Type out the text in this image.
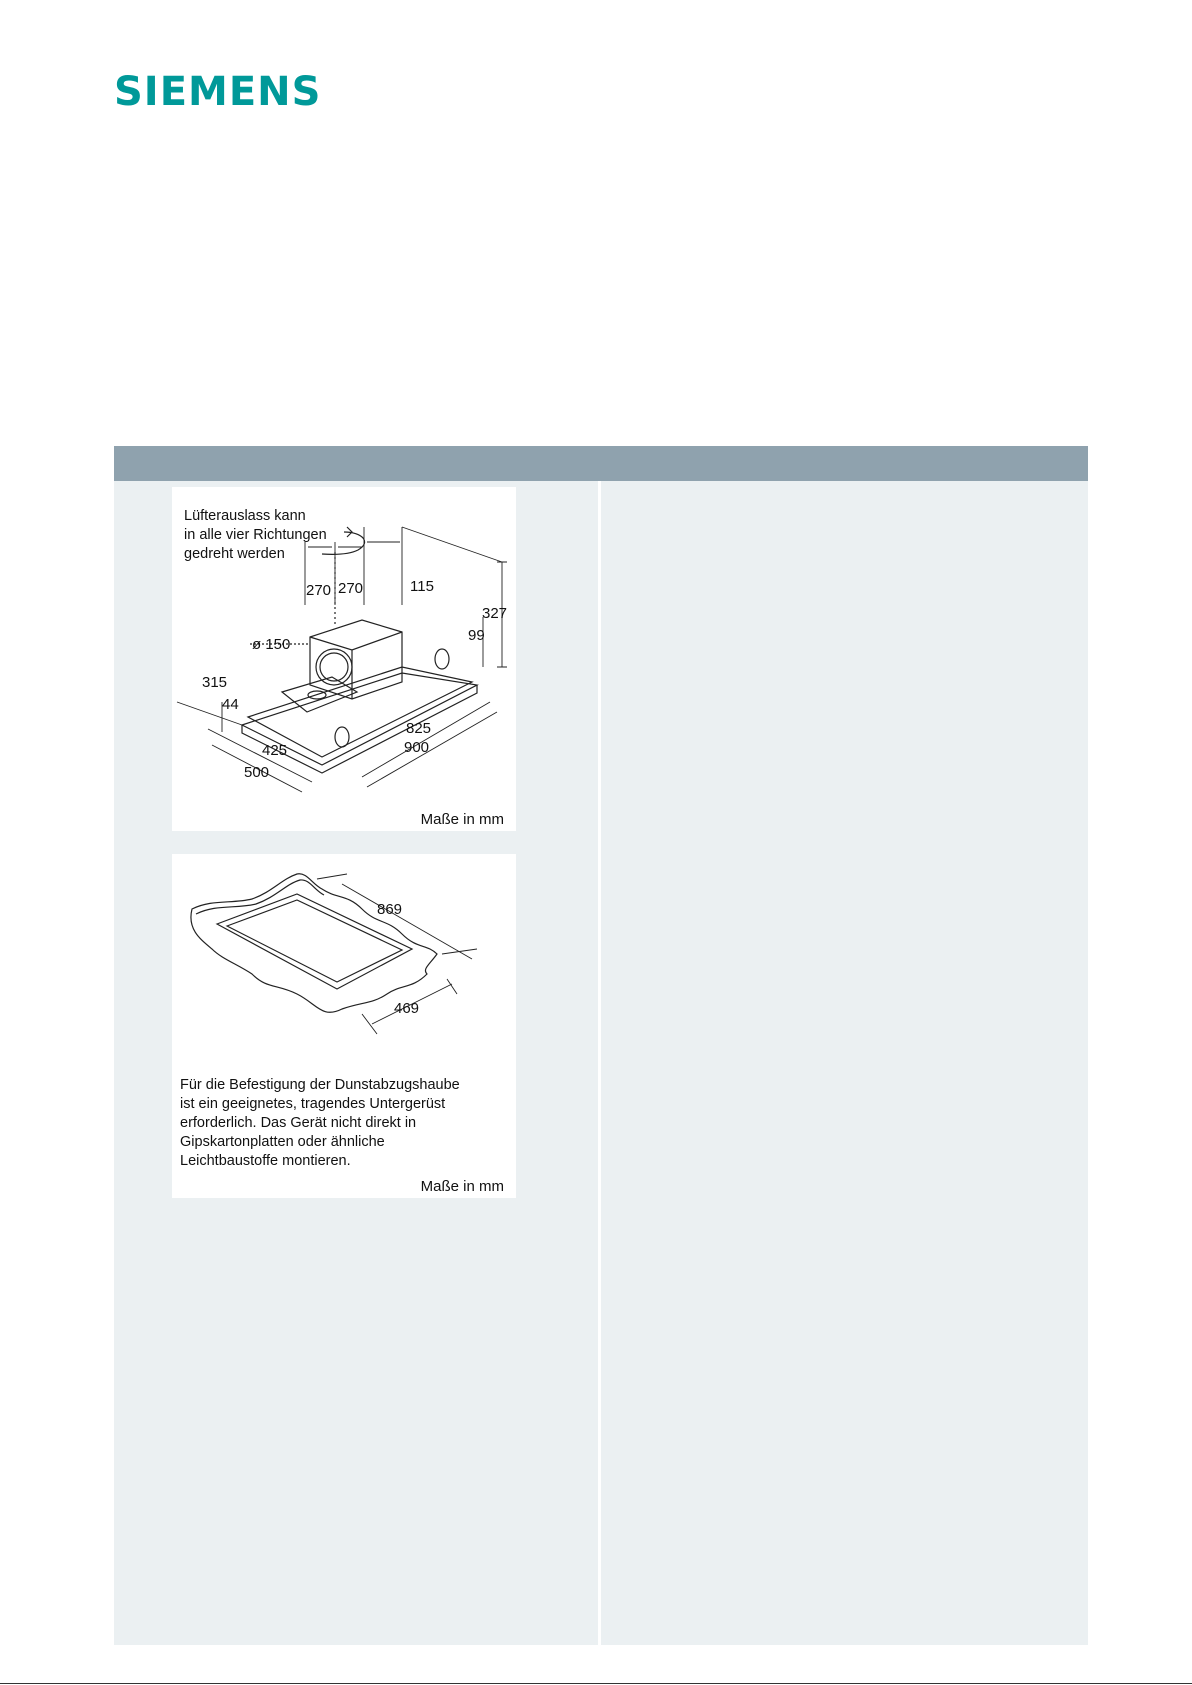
SIEMENS
270 270	115
327
99
ø 150
315
44
825
900
425
500
Lüfterauslass kann
in alle vier Richtungen
gedreht werden
Maße in mm
869
469
Für die Befestigung der Dunstabzugshaube
ist ein geeignetes, tragendes Untergerüst
erforderlich. Das Gerät nicht direkt in
Gipskartonplatten oder ähnliche
Leichtbaustoffe montieren.
Maße in mm
